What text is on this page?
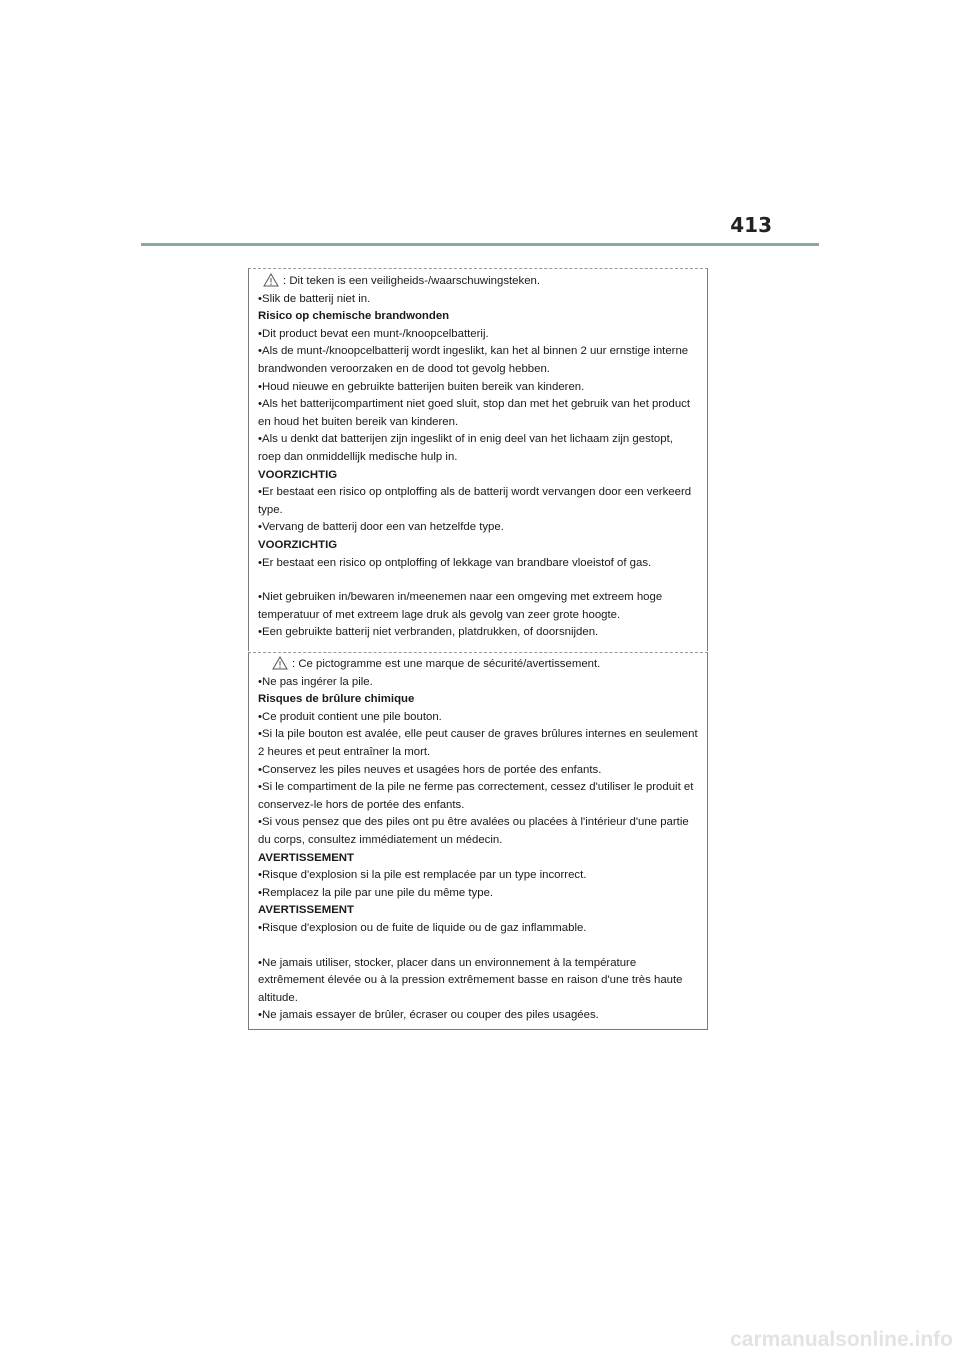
413

: Dit teken is een veiligheids-/waarschuwingsteken.

•Slik de batterij niet in.

Risico op chemische brandwonden

•Dit product bevat een munt-/knoopcelbatterij.

•Als de munt-/knoopcelbatterij wordt ingeslikt, kan het al binnen 2 uur ernstige interne brandwonden veroorzaken en de dood tot gevolg hebben.

•Houd nieuwe en gebruikte batterijen buiten bereik van kinderen.

•Als het batterijcompartiment niet goed sluit, stop dan met het gebruik van het product en houd het buiten bereik van kinderen.

•Als u denkt dat batterijen zijn ingeslikt of in enig deel van het lichaam zijn gestopt, roep dan onmiddellijk medische hulp in.

VOORZICHTIG

•Er bestaat een risico op ontploffing als de batterij wordt vervangen door een verkeerd type.

•Vervang de batterij door een van hetzelfde type.

VOORZICHTIG

•Er bestaat een risico op ontploffing of lekkage van brandbare vloeistof of gas.

•Niet gebruiken in/bewaren in/meenemen naar een omgeving met extreem hoge temperatuur of met extreem lage druk als gevolg van zeer grote hoogte.

•Een gebruikte batterij niet verbranden, platdrukken, of doorsnijden.

: Ce pictogramme est une marque de sécurité/avertissement.

•Ne pas ingérer la pile.

Risques de brûlure chimique

•Ce produit contient une pile bouton.

•Si la pile bouton est avalée, elle peut causer de graves brûlures internes en seulement 2 heures et peut entraîner la mort.

•Conservez les piles neuves et usagées hors de portée des enfants.

•Si le compartiment de la pile ne ferme pas correctement, cessez d'utiliser le produit et conservez-le hors de portée des enfants.

•Si vous pensez que des piles ont pu être avalées ou placées à l'intérieur d'une partie du corps, consultez immédiatement un médecin.

AVERTISSEMENT

•Risque d'explosion si la pile est remplacée par un type incorrect.

•Remplacez la pile par une pile du même type.

AVERTISSEMENT

•Risque d'explosion ou de fuite de liquide ou de gaz inflammable.

•Ne jamais utiliser, stocker, placer dans un environnement à la température extrêmement élevée ou à la pression extrêmement basse en raison d'une très haute altitude.

•Ne jamais essayer de brûler, écraser ou couper des piles usagées.

carmanualsonline.info
